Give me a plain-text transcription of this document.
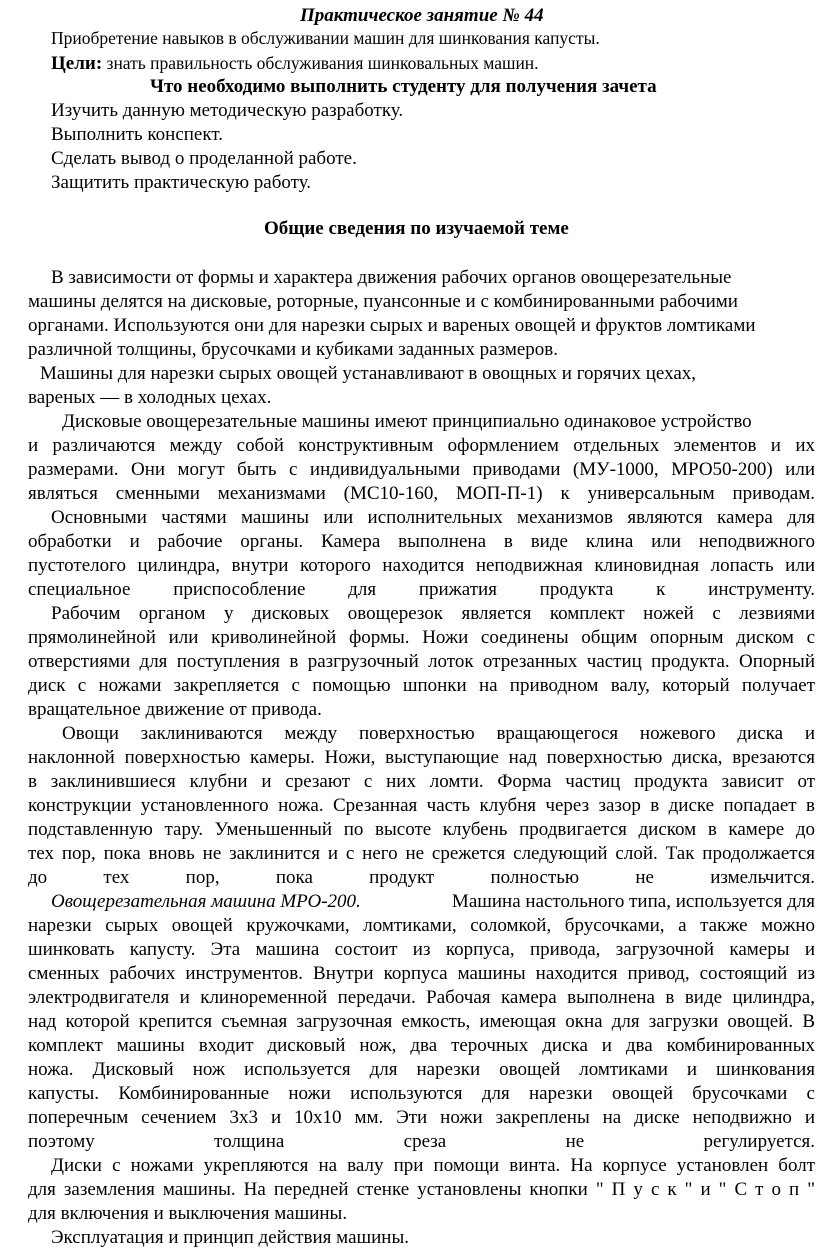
Практическое занятие № 44
Приобретение навыков в обслуживании машин для шинкования капусты.
Цели: знать правильность обслуживания шинковальных машин.
Что необходимо выполнить студенту для получения зачета
Изучить данную методическую разработку.
Выполнить конспект.
Сделать вывод о проделанной работе.
Защитить практическую работу.
Общие сведения по изучаемой теме
В зависимости от формы и характера движения рабочих органов овощерезательные
машины делятся на дисковые, роторные, пуансонные и с комбинированными рабочими
органами. Используются они для нарезки сырых и вареных овощей и фруктов ломтиками
различной толщины, брусочками и кубиками заданных размеров.
Машины для нарезки сырых овощей устанавливают в овощных и горячих цехах,
вареных — в холодных цехах.
Дисковые овощерезательные машины имеют принципиально одинаковое устройство
и различаются между собой конструктивным оформлением отдельных элементов и их
размерами. Они могут быть с индивидуальными приводами (МУ-1000, МРО50-200) или
являться сменными механизмами (МС10-160, МОП-П-1) к универсальным приводам.
Основными частями машины или исполнительных механизмов являются камера для
обработки и рабочие органы. Камера выполнена в виде клина или неподвижного
пустотелого цилиндра, внутри которого находится неподвижная клиновидная лопасть или
специальное приспособление для прижатия продукта к инструменту.
Рабочим органом у дисковых овощерезок является комплект ножей с лезвиями
прямолинейной или криволинейной формы. Ножи соединены общим опорным диском с
отверстиями для поступления в разгрузочный лоток отрезанных частиц продукта. Опорный
диск с ножами закрепляется с помощью шпонки на приводном валу, который получает
вращательное движение от привода.
Овощи заклиниваются между поверхностью вращающегося ножевого диска и
наклонной поверхностью камеры. Ножи, выступающие над поверхностью диска, врезаются
в заклинившиеся клубни и срезают с них ломти. Форма частиц продукта зависит от
конструкции установленного ножа. Срезанная часть клубня через зазор в диске попадает в
подставленную тару. Уменьшенный по высоте клубень продвигается диском в камере до
тех пор, пока вновь не заклинится и с него не срежется следующий слой. Так продолжается
до тех пор, пока продукт полностью не измельчится.
Овощерезательная машина МРО-200.	Машина настольного типа, используется для
нарезки сырых овощей кружочками, ломтиками, соломкой, брусочками, а также можно
шинковать капусту. Эта машина состоит из корпуса, привода, загрузочной камеры и
сменных рабочих инструментов. Внутри корпуса машины находится привод, состоящий из
электродвигателя и клиноременной передачи. Рабочая камера выполнена в виде цилиндра,
над которой крепится съемная загрузочная емкость, имеющая окна для загрузки овощей. В
комплект машины входит дисковый нож, два терочных диска и два комбинированных
ножа. Дисковый нож используется для нарезки овощей ломтиками и шинкования
капусты. Комбинированные ножи используются для нарезки овощей брусочками с
поперечным сечением 3х3 и 10х10 мм. Эти ножи закреплены на диске неподвижно и
поэтому толщина среза не регулируется.
Диски с ножами укрепляются на валу при помощи винта. На корпусе установлен болт
для заземления машины. На передней стенке установлены кнопки " П у с к " и " С т о п "
для включения и выключения машины.
Эксплуатация и принцип действия машины.
